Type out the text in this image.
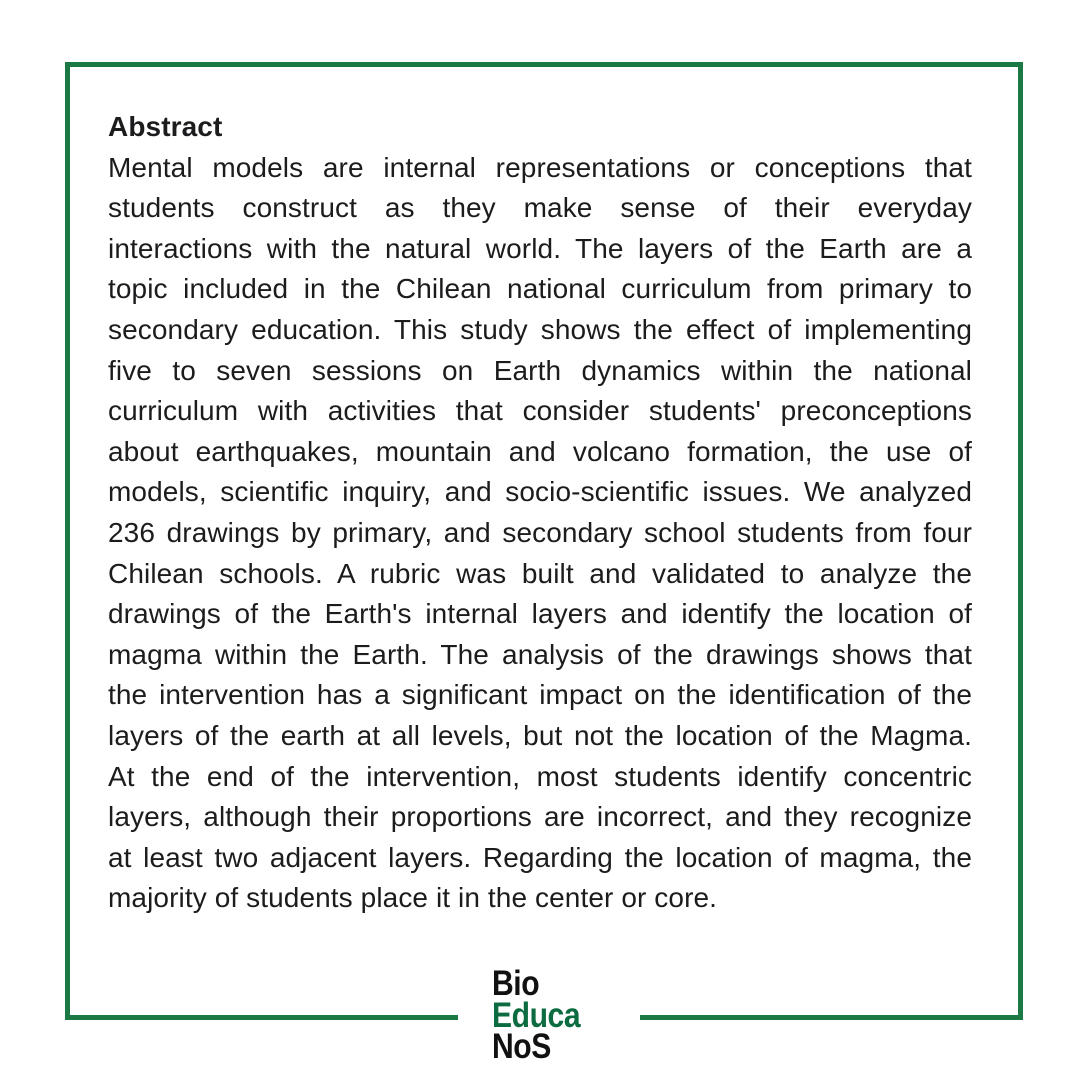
Abstract
Mental models are internal representations or conceptions that
students construct as they make sense of their everyday
interactions with the natural world. The layers of the Earth are a
topic included in the Chilean national curriculum from primary to
secondary education. This study shows the effect of implementing
five to seven sessions on Earth dynamics within the national
curriculum with activities that consider students' preconceptions
about earthquakes, mountain and volcano formation, the use of
models, scientific inquiry, and socio-scientific issues. We analyzed
236 drawings by primary, and secondary school students from four
Chilean schools. A rubric was built and validated to analyze the
drawings of the Earth's internal layers and identify the location of
magma within the Earth. The analysis of the drawings shows that
the intervention has a significant impact on the identification of the
layers of the earth at all levels, but not the location of the Magma.
At the end of the intervention, most students identify concentric
layers, although their proportions are incorrect, and they recognize
at least two adjacent layers. Regarding the location of magma, the
majority of students place it in the center or core.
Bio
Educa
NoS
